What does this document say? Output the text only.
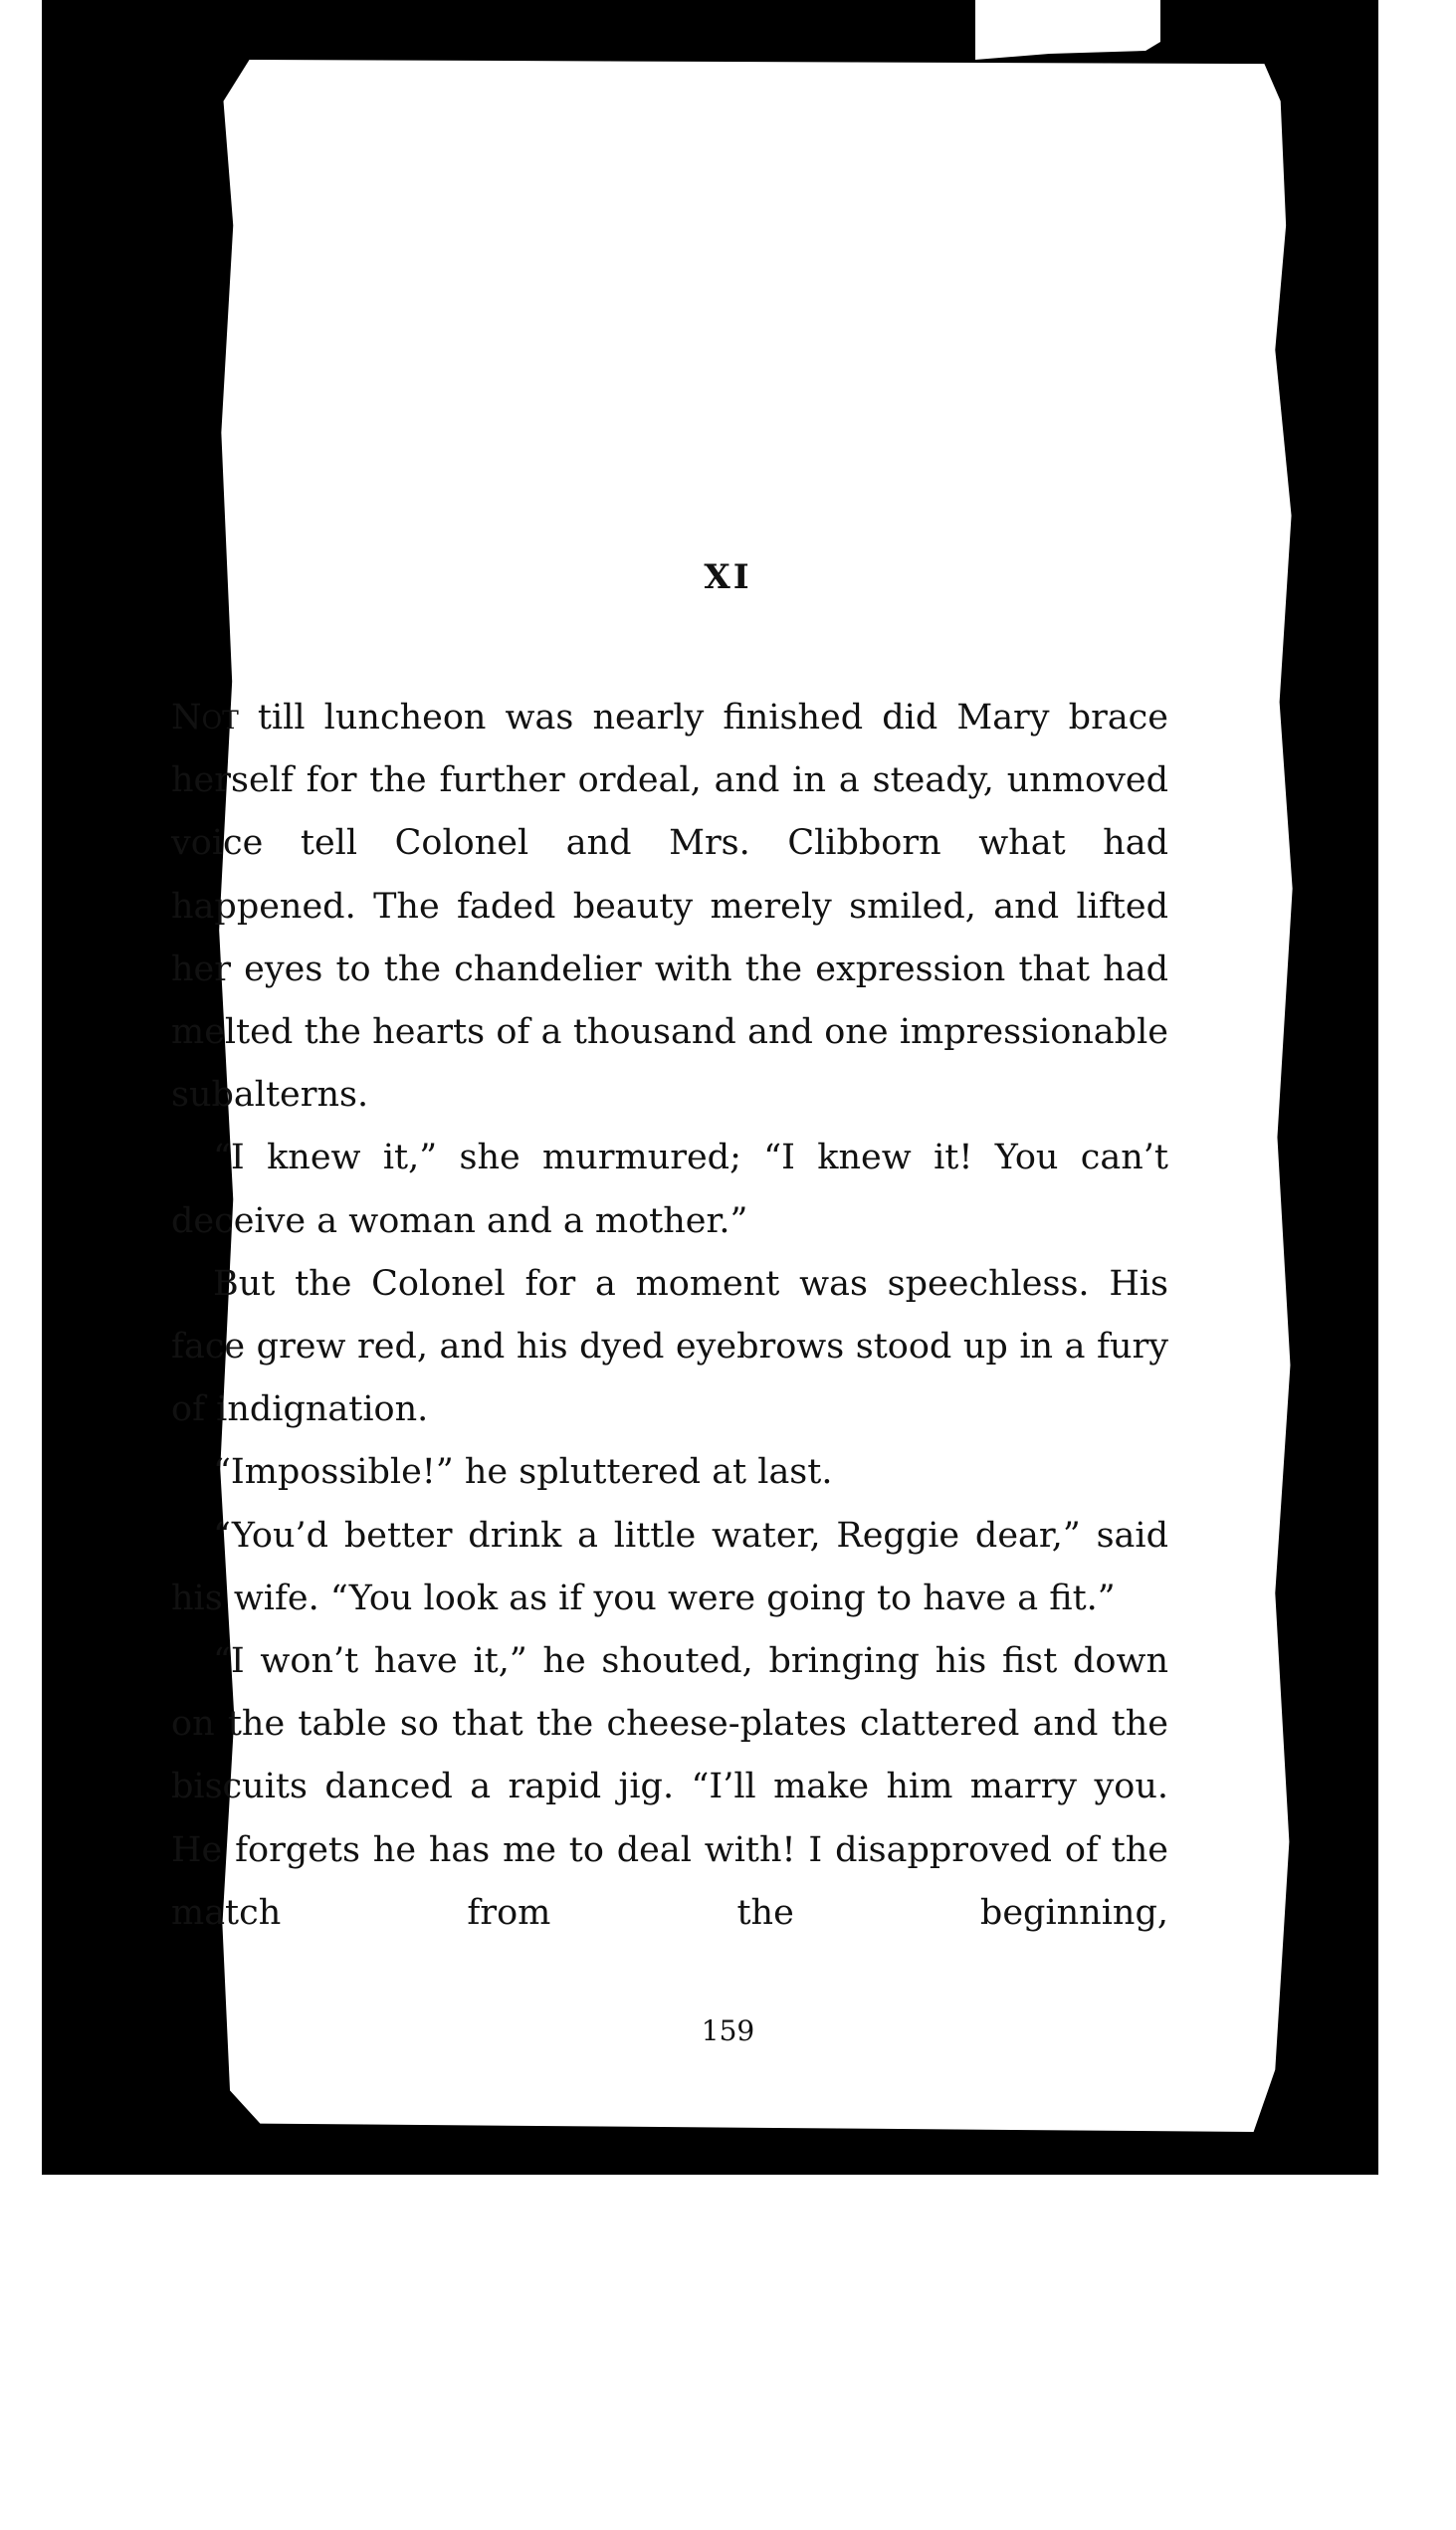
XI

Not till luncheon was nearly finished did Mary brace herself for the further ordeal, and in a steady, unmoved voice tell Colonel and Mrs. Clibborn what had happened. The faded beauty merely smiled, and lifted her eyes to the chandelier with the expression that had melted the hearts of a thousand and one impressionable subalterns.

“I knew it,” she murmured; “I knew it! You can’t deceive a woman and a mother.”

But the Colonel for a moment was speechless. His face grew red, and his dyed eyebrows stood up in a fury of indignation.

“Impossible!” he spluttered at last.

“You’d better drink a little water, Reggie dear,” said his wife. “You look as if you were going to have a fit.”

“I won’t have it,” he shouted, bringing his fist down on the table so that the cheese-plates clattered and the biscuits danced a rapid jig. “I’ll make him marry you. He forgets he has me to deal with! I disapproved of the match from the beginning,

159
